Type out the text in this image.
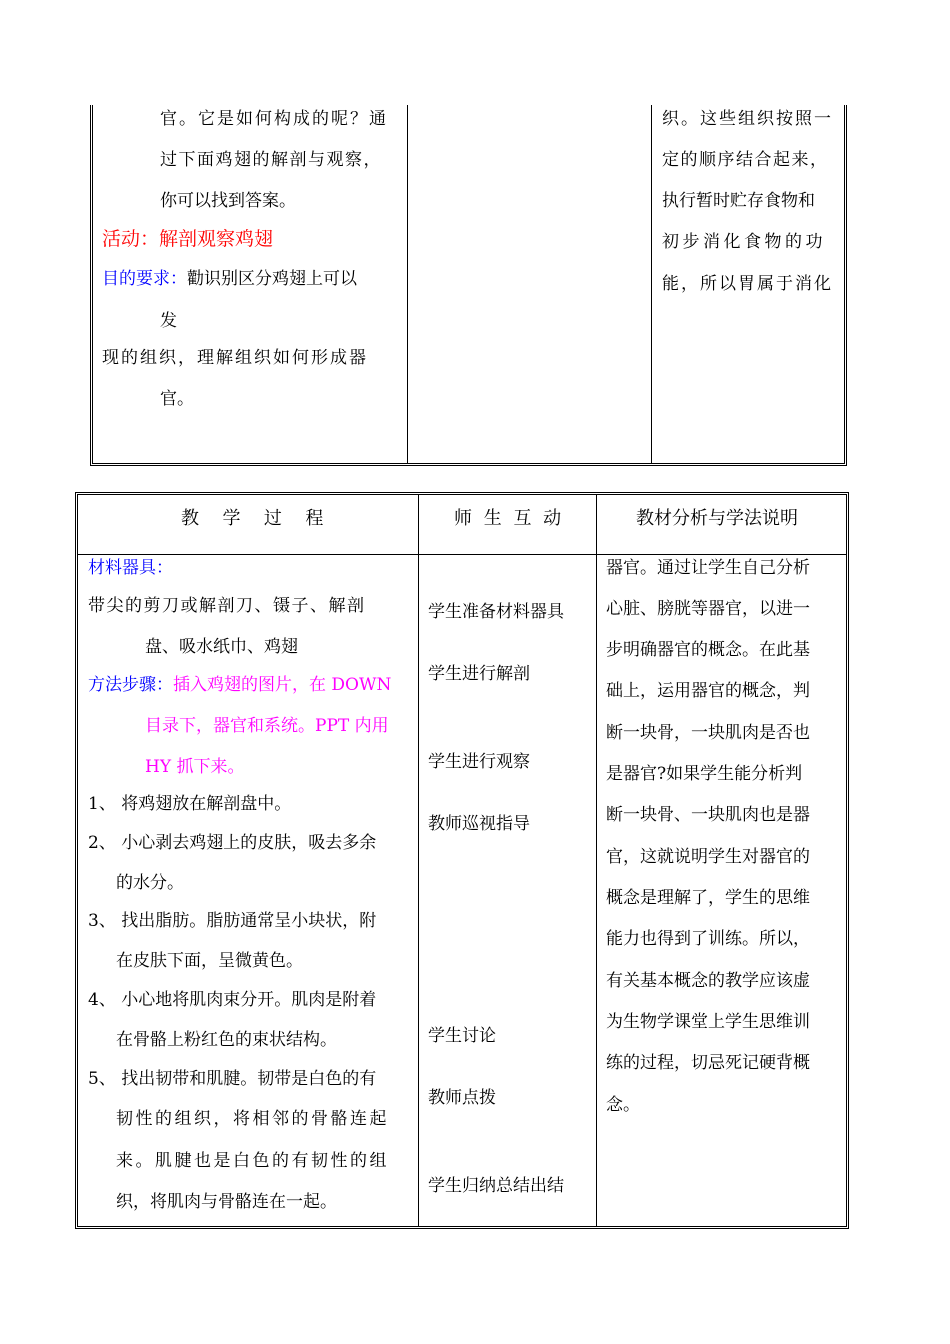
官。它是如何构成的呢？通
过下面鸡翅的解剖与观察，
你可以找到答案。
活动：解剖观察鸡翅
目的要求：勸识别区分鸡翅上可以
发
现的组织，理解组织如何形成器
官。
织。这些组织按照一
定的顺序结合起来，
执行暂时贮存食物和
初步消化食物的功
能，所以胃属于消化
教  学  过  程	师 生 互 动	教材分析与学法说明
材料器具：
带尖的剪刀或解剖刀、镊子、解剖
盘、吸水纸巾、鸡翅
方法步骤：插入鸡翅的图片，在 DOWN
目录下，器官和系统。PPT 内用
HY 抓下来。
1、 将鸡翅放在解剖盘中。
2、 小心剥去鸡翅上的皮肤，吸去多余
的水分。
3、 找出脂肪。脂肪通常呈小块状，附
在皮肤下面，呈微黄色。
4、 小心地将肌肉束分开。肌肉是附着
在骨骼上粉红色的束状结构。
5、 找出韧带和肌腱。韧带是白色的有
韧性的组织，将相邻的骨骼连起
来。肌腱也是白色的有韧性的组
织，将肌肉与骨骼连在一起。
学生准备材料器具
学生进行解剖
学生进行观察
教师巡视指导
学生讨论
教师点拨
学生归纳总结出结
器官。通过让学生自己分析
心脏、膀胱等器官，以进一
步明确器官的概念。在此基
础上，运用器官的概念，判
断一块骨，一块肌肉是否也
是器官?如果学生能分析判
断一块骨、一块肌肉也是器
官，这就说明学生对器官的
概念是理解了，学生的思维
能力也得到了训练。所以，
有关基本概念的教学应该虚
为生物学课堂上学生思维训
练的过程，切忌死记硬背概
念。
